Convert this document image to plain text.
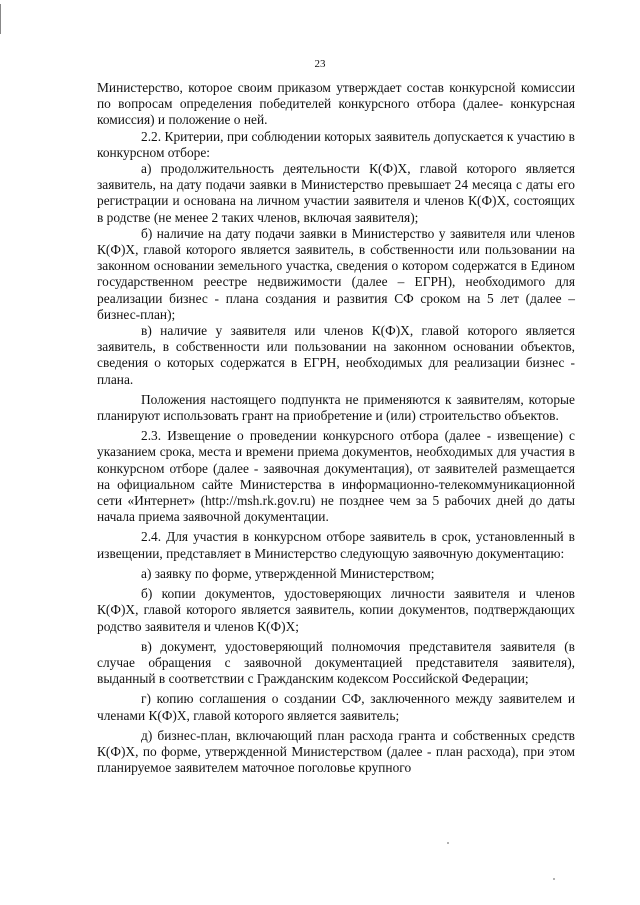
23

Министерство, которое своим приказом утверждает состав конкурсной комиссии по вопросам определения победителей конкурсного отбора (далее- конкурсная комиссия) и положение о ней.

2.2. Критерии, при соблюдении которых заявитель допускается к участию в конкурсном отборе:

а) продолжительность деятельности К(Ф)Х, главой которого является заявитель, на дату подачи заявки в Министерство превышает 24 месяца с даты его регистрации и основана на личном участии заявителя и членов К(Ф)Х, состоящих в родстве (не менее 2 таких членов, включая заявителя);

б) наличие на дату подачи заявки в Министерство у заявителя или членов К(Ф)Х, главой которого является заявитель, в собственности или пользовании на законном основании земельного участка, сведения о котором содержатся в Едином государственном реестре недвижимости (далее – ЕГРН), необходимого для реализации бизнес - плана создания и развития СФ сроком на 5 лет (далее – бизнес-план);

в) наличие у заявителя или членов К(Ф)Х, главой которого является заявитель, в собственности или пользовании на законном основании объектов, сведения о которых содержатся в ЕГРН, необходимых для реализации бизнес - плана.

Положения настоящего подпункта не применяются к заявителям, которые планируют использовать грант на приобретение и (или) строительство объектов.

2.3. Извещение о проведении конкурсного отбора (далее - извещение) с указанием срока, места и времени приема документов, необходимых для участия в конкурсном отборе (далее - заявочная документация), от заявителей размещается на официальном сайте Министерства в информационно-телекоммуникационной сети «Интернет» (http://msh.rk.gov.ru) не позднее чем за 5 рабочих дней до даты начала приема заявочной документации.

2.4. Для участия в конкурсном отборе заявитель в срок, установленный в извещении, представляет в Министерство следующую заявочную документацию:

а) заявку по форме, утвержденной Министерством;

б) копии документов, удостоверяющих личности заявителя и членов К(Ф)Х, главой которого является заявитель, копии документов, подтверждающих родство заявителя и членов К(Ф)Х;

в) документ, удостоверяющий полномочия представителя заявителя (в случае обращения с заявочной документацией представителя заявителя), выданный в соответствии с Гражданским кодексом Российской Федерации;

г) копию соглашения о создании СФ, заключенного между заявителем и членами К(Ф)Х, главой которого является заявитель;

д) бизнес-план, включающий план расхода гранта и собственных средств К(Ф)Х, по форме, утвержденной Министерством (далее - план расхода), при этом планируемое заявителем маточное поголовье крупного
